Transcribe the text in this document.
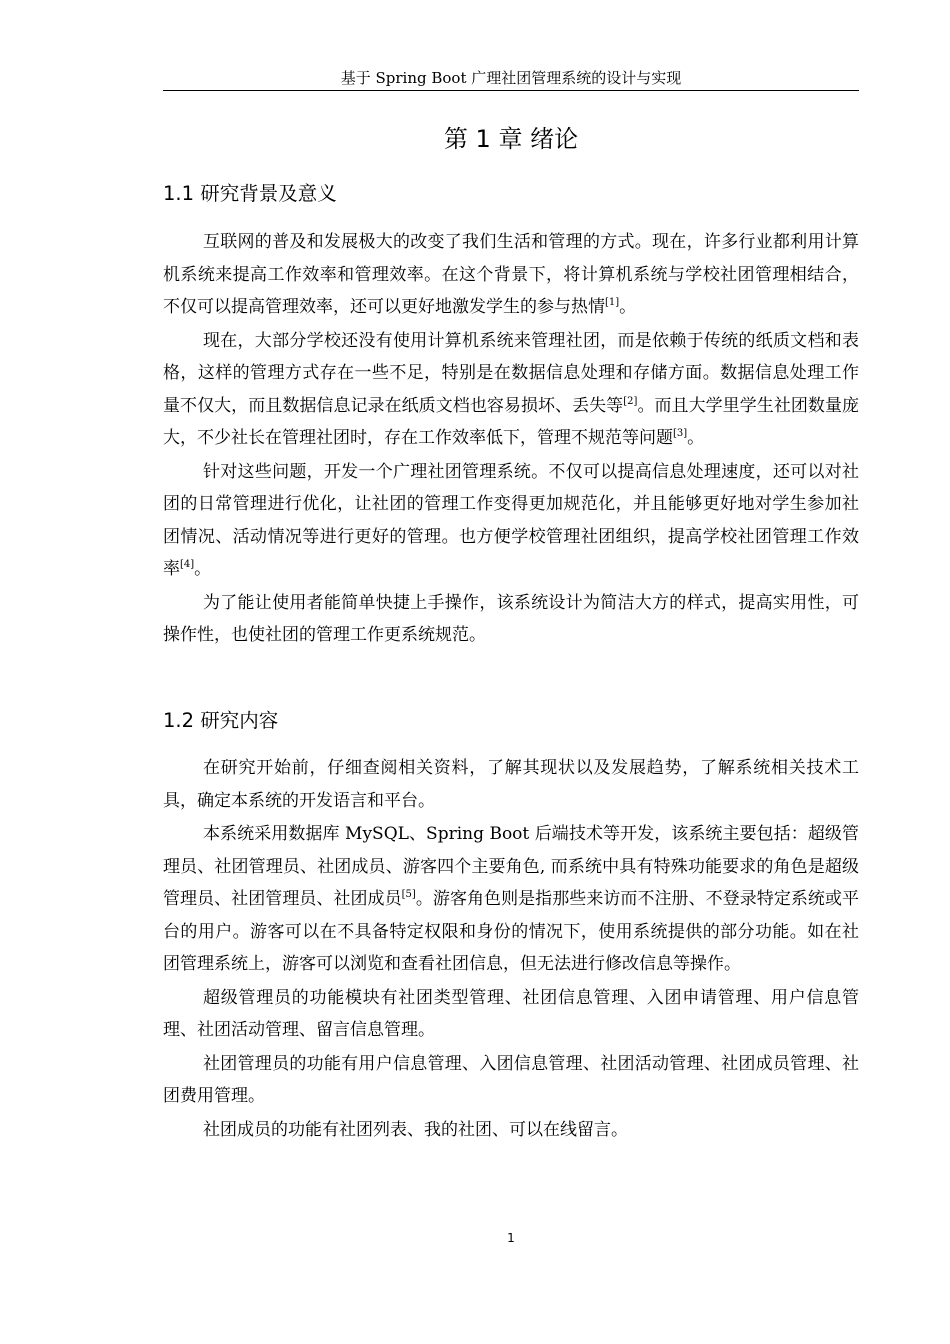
基于 Spring Boot 广理社团管理系统的设计与实现
第 1 章 绪论
1.1 研究背景及意义

互联网的普及和发展极大的改变了我们生活和管理的方式。现在，许多行业都利用计算机系统来提高工作效率和管理效率。在这个背景下，将计算机系统与学校社团管理相结合，不仅可以提高管理效率，还可以更好地激发学生的参与热情[1]。

现在，大部分学校还没有使用计算机系统来管理社团，而是依赖于传统的纸质文档和表格，这样的管理方式存在一些不足，特别是在数据信息处理和存储方面。数据信息处理工作量不仅大，而且数据信息记录在纸质文档也容易损坏、丢失等[2]。而且大学里学生社团数量庞大，不少社长在管理社团时，存在工作效率低下，管理不规范等问题[3]。

针对这些问题，开发一个广理社团管理系统。不仅可以提高信息处理速度，还可以对社团的日常管理进行优化，让社团的管理工作变得更加规范化，并且能够更好地对学生参加社团情况、活动情况等进行更好的管理。也方便学校管理社团组织，提高学校社团管理工作效率[4]。

为了能让使用者能简单快捷上手操作，该系统设计为简洁大方的样式，提高实用性，可操作性，也使社团的管理工作更系统规范。

1.2 研究内容

在研究开始前，仔细查阅相关资料，了解其现状以及发展趋势，了解系统相关技术工具，确定本系统的开发语言和平台。

本系统采用数据库 MySQL、Spring Boot 后端技术等开发，该系统主要包括：超级管理员、社团管理员、社团成员、游客四个主要角色, 而系统中具有特殊功能要求的角色是超级管理员、社团管理员、社团成员[5]。游客角色则是指那些来访而不注册、不登录特定系统或平台的用户。游客可以在不具备特定权限和身份的情况下，使用系统提供的部分功能。如在社团管理系统上，游客可以浏览和查看社团信息，但无法进行修改信息等操作。

超级管理员的功能模块有社团类型管理、社团信息管理、入团申请管理、用户信息管理、社团活动管理、留言信息管理。

社团管理员的功能有用户信息管理、入团信息管理、社团活动管理、社团成员管理、社团费用管理。

社团成员的功能有社团列表、我的社团、可以在线留言。

1
